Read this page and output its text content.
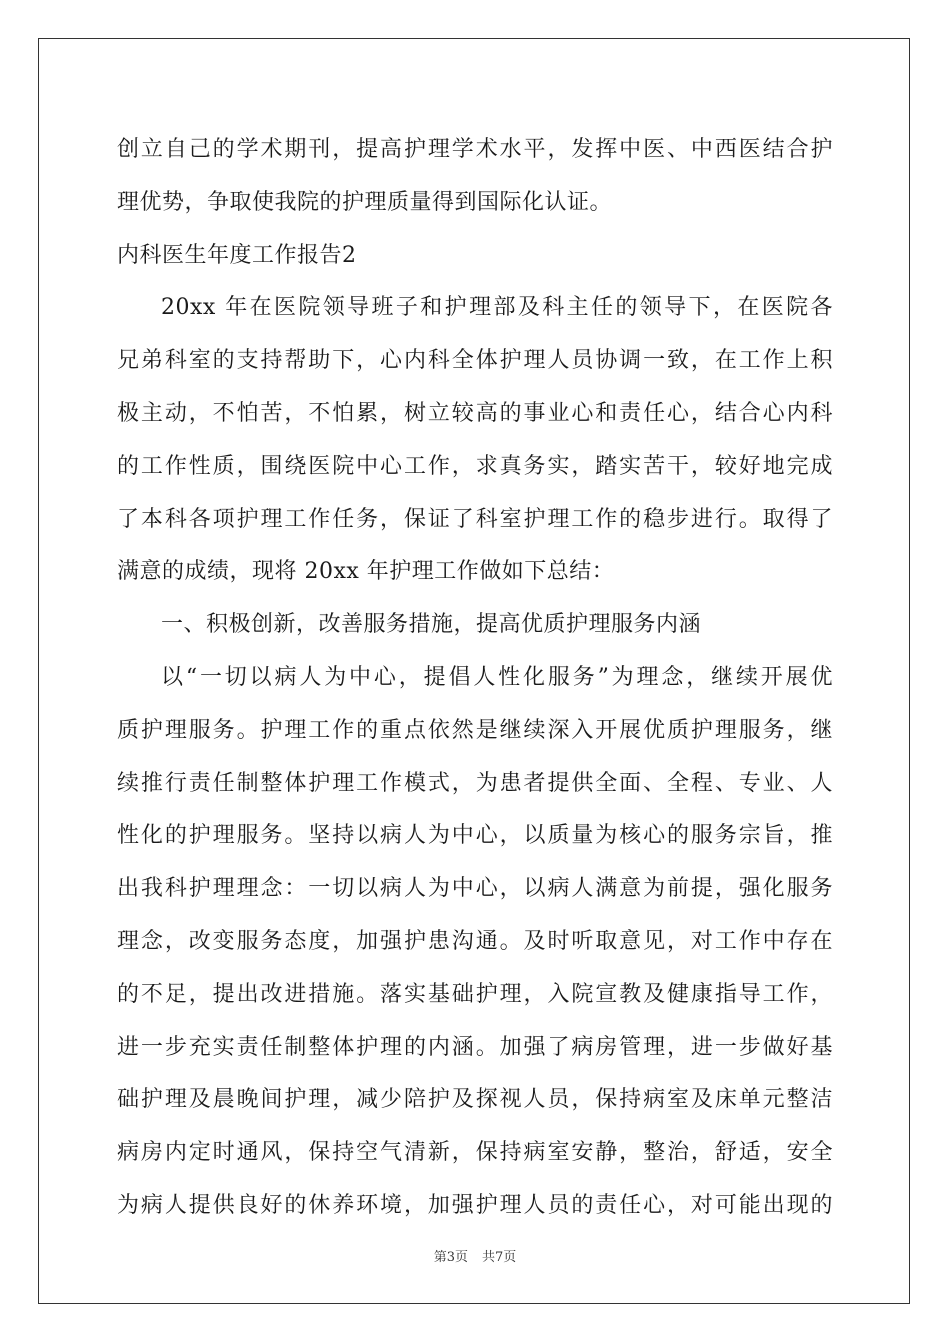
创立自己的学术期刊，提高护理学术水平，发挥中医、中西医结合护
理优势，争取使我院的护理质量得到国际化认证。
内科医生年度工作报告2
20xx 年在医院领导班子和护理部及科主任的领导下，在医院各
兄弟科室的支持帮助下，心内科全体护理人员协调一致，在工作上积
极主动，不怕苦，不怕累，树立较高的事业心和责任心，结合心内科
的工作性质，围绕医院中心工作，求真务实，踏实苦干，较好地完成
了本科各项护理工作任务，保证了科室护理工作的稳步进行。取得了
满意的成绩，现将 20xx 年护理工作做如下总结：
一、积极创新，改善服务措施，提高优质护理服务内涵
以“一切以病人为中心，提倡人性化服务”为理念，继续开展优
质护理服务。护理工作的重点依然是继续深入开展优质护理服务，继
续推行责任制整体护理工作模式，为患者提供全面、全程、专业、人
性化的护理服务。坚持以病人为中心，以质量为核心的服务宗旨，推
出我科护理理念：一切以病人为中心，以病人满意为前提，强化服务
理念，改变服务态度，加强护患沟通。及时听取意见，对工作中存在
的不足，提出改进措施。落实基础护理，入院宣教及健康指导工作，
进一步充实责任制整体护理的内涵。加强了病房管理，进一步做好基
础护理及晨晚间护理，减少陪护及探视人员，保持病室及床单元整洁
病房内定时通风，保持空气清新，保持病室安静，整治，舒适，安全
为病人提供良好的休养环境，加强护理人员的责任心，对可能出现的
第3页 共7页
